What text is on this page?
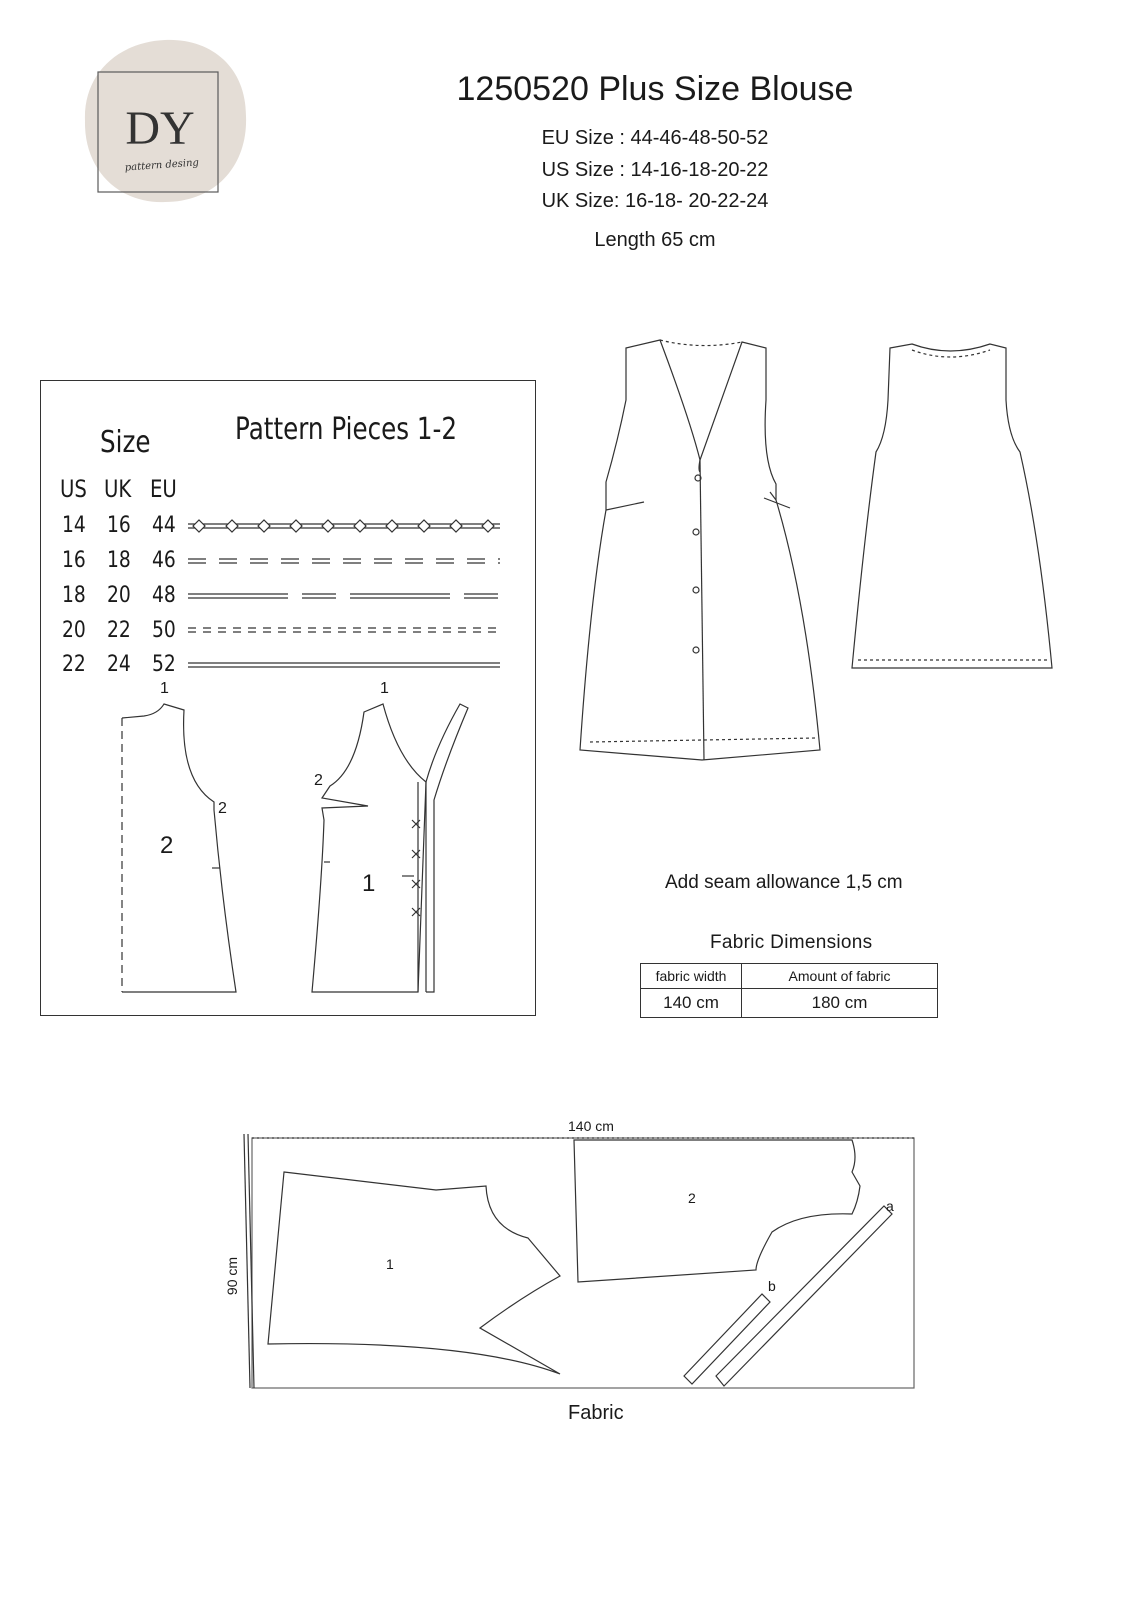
DY
pattern desing
1250520 Plus Size Blouse
EU Size : 44-46-48-50-52
US Size : 14-16-18-20-22
UK Size: 16-18- 20-22-24
Length 65 cm
Pattern Pieces 1-2
Size
US UK EU
14 16 44
16 18 46
18 20 48
20 22 50
22 24 52
1
2
2
1
2
1	Add seam allowance 1,5 cm
Fabric Dimensions
fabric width	Amount of fabric
140 cm	180 cm
140 cm
90 cm	1
2	a
b
Fabric
